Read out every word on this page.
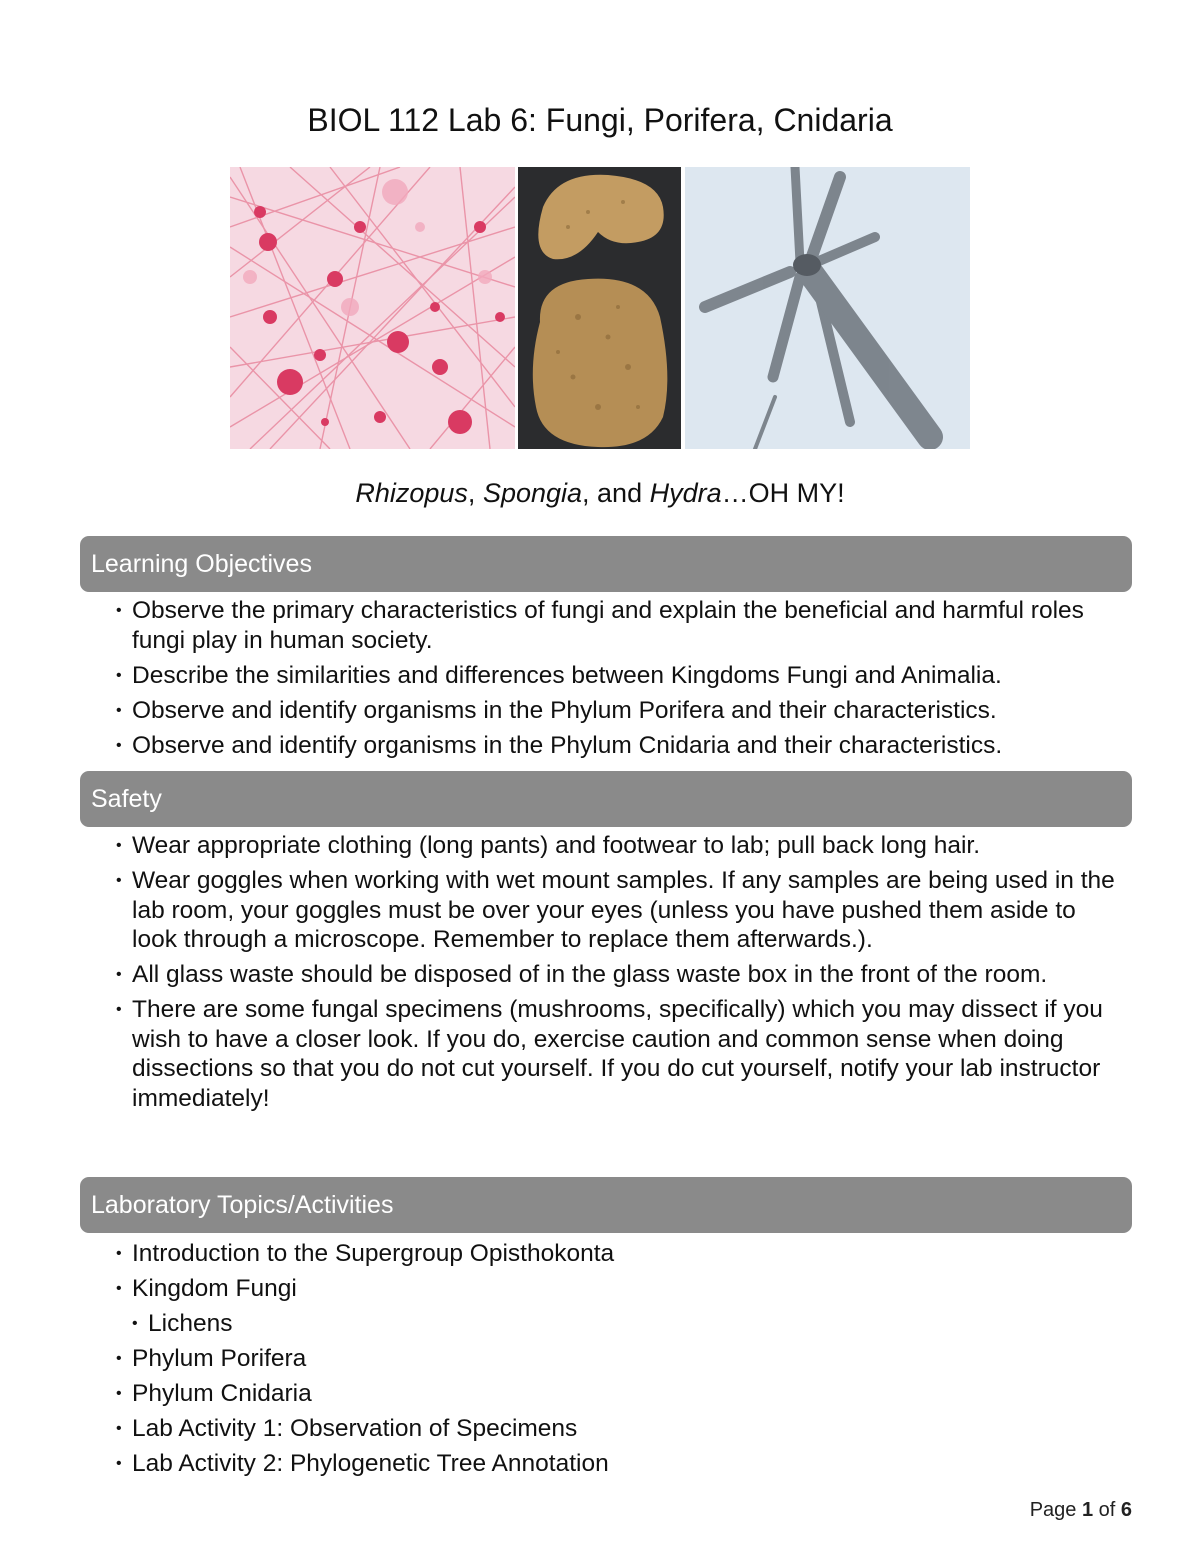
BIOL 112 Lab 6: Fungi, Porifera, Cnidaria
Rhizopus, Spongia, and Hydra…OH MY!
Learning Objectives
• Observe the primary characteristics of fungi and explain the beneficial and harmful roles fungi play in human society.
• Describe the similarities and differences between Kingdoms Fungi and Animalia.
• Observe and identify organisms in the Phylum Porifera and their characteristics.
• Observe and identify organisms in the Phylum Cnidaria and their characteristics.
Safety
• Wear appropriate clothing (long pants) and footwear to lab; pull back long hair.
• Wear goggles when working with wet mount samples. If any samples are being used in the lab room, your goggles must be over your eyes (unless you have pushed them aside to look through a microscope. Remember to replace them afterwards.).
• All glass waste should be disposed of in the glass waste box in the front of the room.
• There are some fungal specimens (mushrooms, specifically) which you may dissect if you wish to have a closer look. If you do, exercise caution and common sense when doing dissections so that you do not cut yourself. If you do cut yourself, notify your lab instructor immediately!
Laboratory Topics/Activities
• Introduction to the Supergroup Opisthokonta
• Kingdom Fungi
• Lichens
• Phylum Porifera
• Phylum Cnidaria
• Lab Activity 1: Observation of Specimens
• Lab Activity 2: Phylogenetic Tree Annotation
Page 1 of 6
